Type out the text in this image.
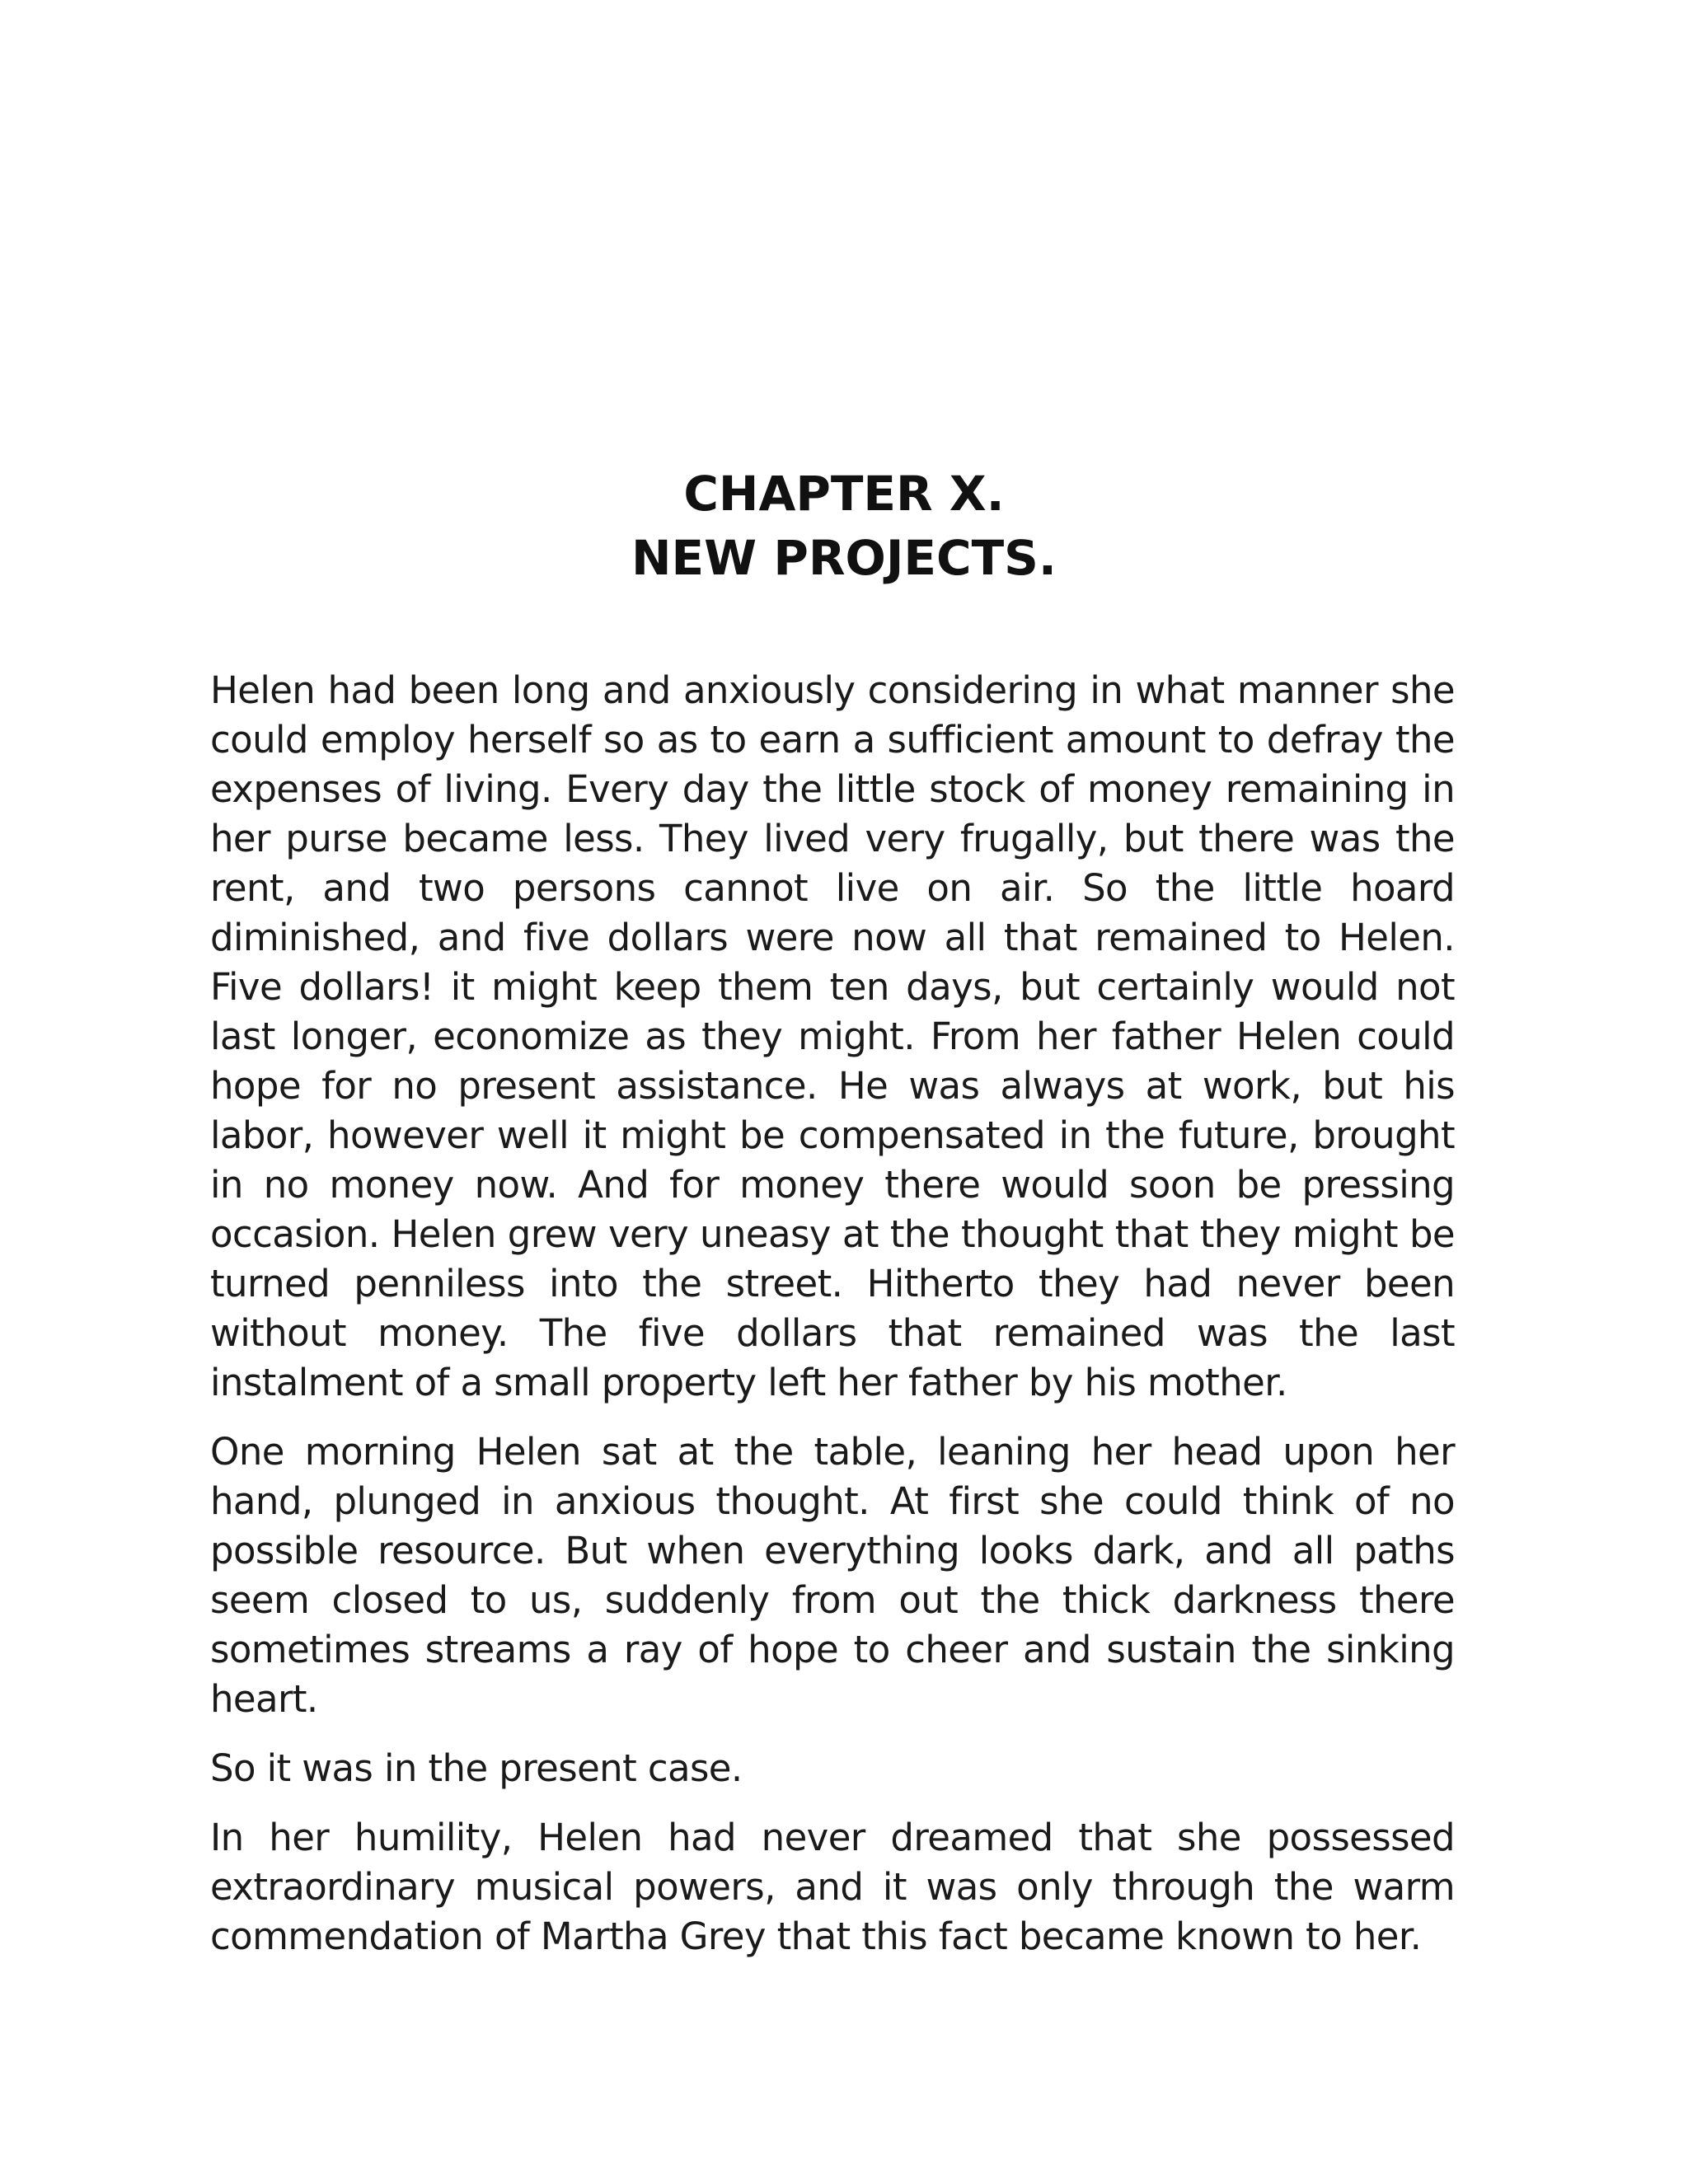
CHAPTER X.
NEW PROJECTS.

Helen had been long and anxiously considering in what manner she could employ herself so as to earn a sufficient amount to defray the expenses of living. Every day the little stock of money remaining in her purse became less. They lived very frugally, but there was the rent, and two persons cannot live on air. So the little hoard diminished, and five dollars were now all that remained to Helen. Five dollars! it might keep them ten days, but certainly would not last longer, economize as they might. From her father Helen could hope for no present assistance. He was always at work, but his labor, however well it might be compensated in the future, brought in no money now. And for money there would soon be pressing occasion. Helen grew very uneasy at the thought that they might be turned penniless into the street. Hitherto they had never been without money. The five dollars that remained was the last instalment of a small property left her father by his mother.

One morning Helen sat at the table, leaning her head upon her hand, plunged in anxious thought. At first she could think of no possible resource. But when everything looks dark, and all paths seem closed to us, suddenly from out the thick darkness there sometimes streams a ray of hope to cheer and sustain the sinking heart.

So it was in the present case.

In her humility, Helen had never dreamed that she possessed extraordinary musical powers, and it was only through the warm commendation of Martha Grey that this fact became known to her.
